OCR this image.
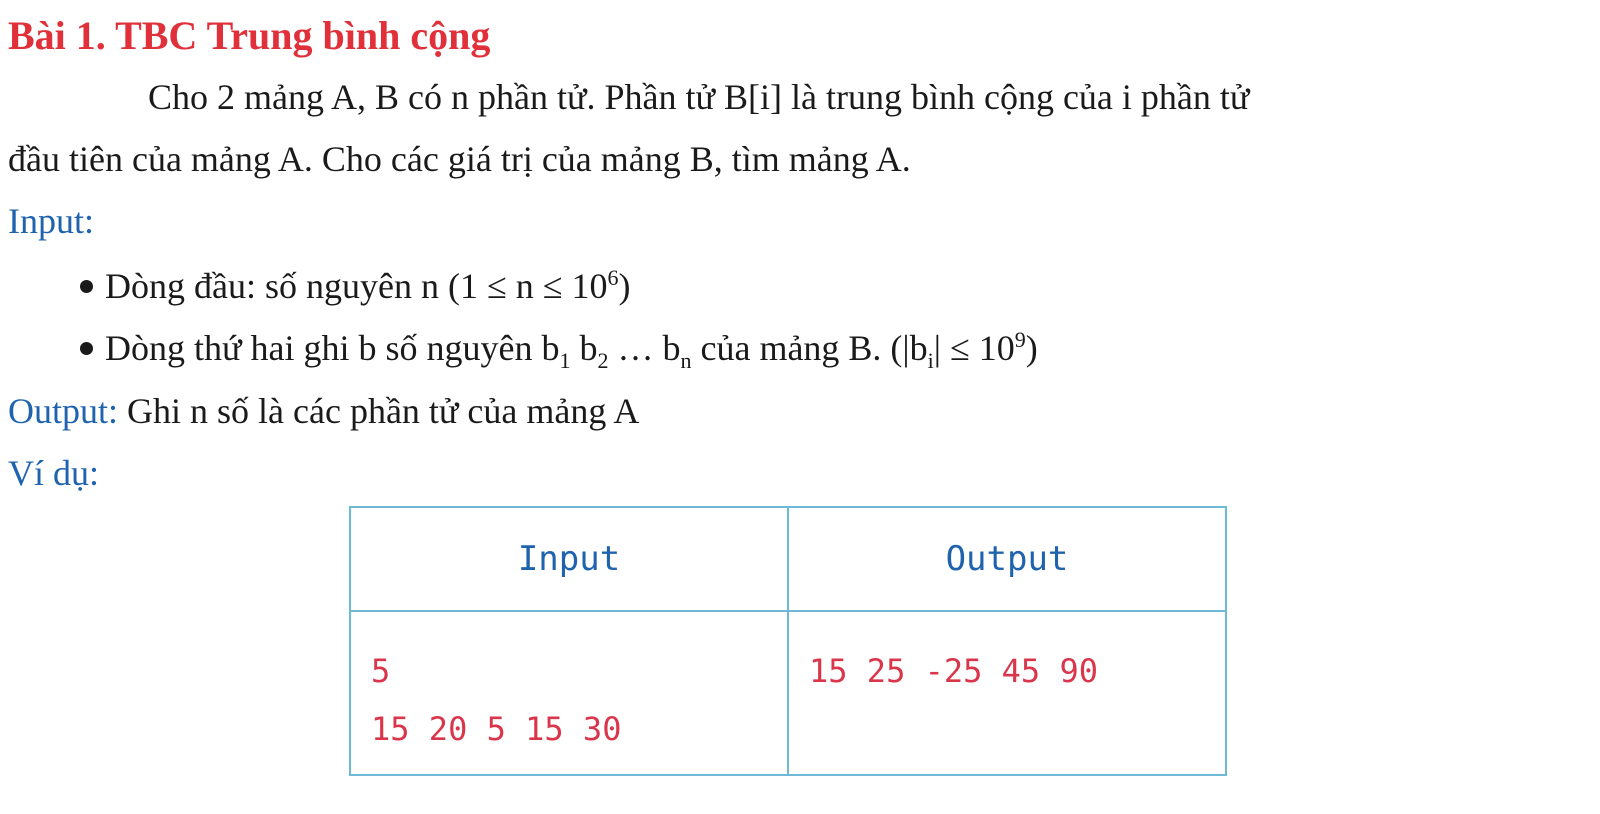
Bài 1. TBC Trung bình cộng
Cho 2 mảng A, B có n phần tử. Phần tử B[i] là trung bình cộng của i phần tử
đầu tiên của mảng A. Cho các giá trị của mảng B, tìm mảng A.
Input:
Dòng đầu: số nguyên n $(1 \le n \le 10^6)$
Dòng thứ hai ghi b số nguyên $b_1$ $b_2$ … $b_n$ của mảng B. $(|b_i| \le 10^9)$
Output: Ghi n số là các phần tử của mảng A
Ví dụ:
Input	Output

5
15 20 5 15 30	15 25 -25 45 90
